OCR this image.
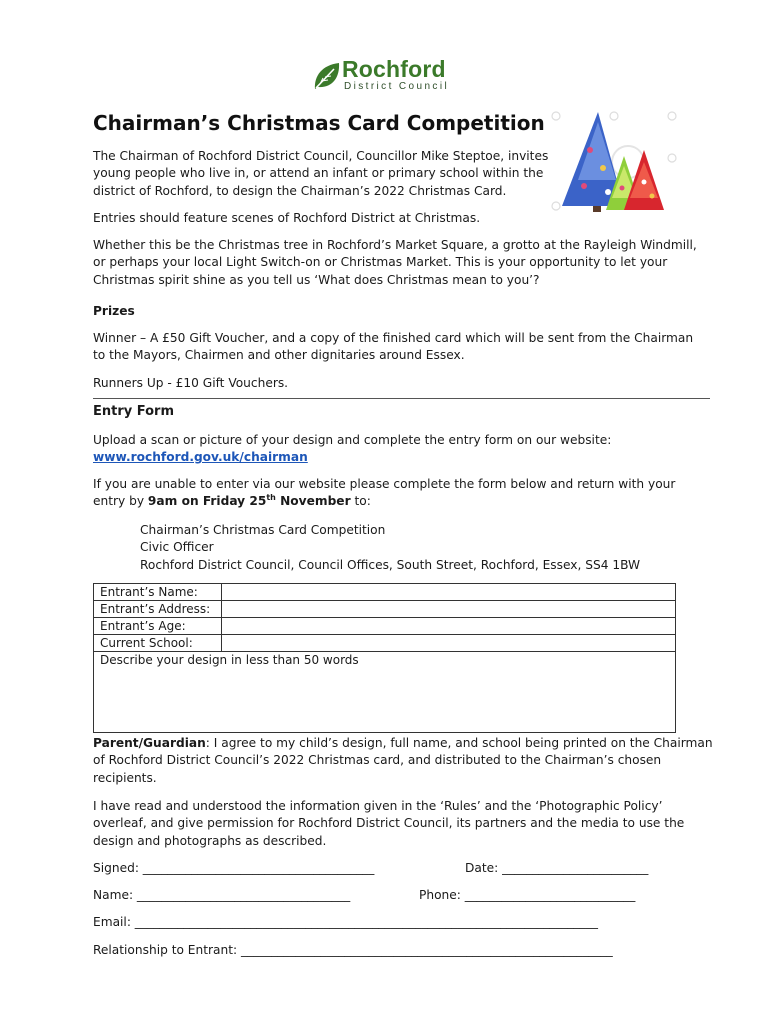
Rochford
District Council
Chairman’s Christmas Card Competition
The Chairman of Rochford District Council, Councillor Mike Steptoe, invites
young people who live in, or attend an infant or primary school within the
district of Rochford, to design the Chairman’s 2022 Christmas Card.
Entries should feature scenes of Rochford District at Christmas.
Whether this be the Christmas tree in Rochford’s Market Square, a grotto at the Rayleigh Windmill,
or perhaps your local Light Switch-on or Christmas Market. This is your opportunity to let your
Christmas spirit shine as you tell us ‘What does Christmas mean to you’?
Prizes
Winner – A £50 Gift Voucher, and a copy of the finished card which will be sent from the Chairman
to the Mayors, Chairmen and other dignitaries around Essex.
Runners Up - £10 Gift Vouchers.
Entry Form
Upload a scan or picture of your design and complete the entry form on our website:
www.rochford.gov.uk/chairman
If you are unable to enter via our website please complete the form below and return with your
entry by 9am on Friday 25th November to:
Chairman’s Christmas Card Competition
Civic Officer
Rochford District Council, Council Offices, South Street, Rochford, Essex, SS4 1BW
Entrant’s Name:	
Entrant’s Address:	
Entrant’s Age:	
Current School:	
Describe your design in less than 50 words	
Parent/Guardian: I agree to my child’s design, full name, and school being printed on the Chairman
of Rochford District Council’s 2022 Christmas card, and distributed to the Chairman’s chosen
recipients.
I have read and understood the information given in the ‘Rules’ and the ‘Photographic Policy’
overleaf, and give permission for Rochford District Council, its partners and the media to use the
design and photographs as described.
Signed: ______________________________________	Date: ________________________
Name: ___________________________________	Phone: ____________________________
Email: ____________________________________________________________________________
Relationship to Entrant: _____________________________________________________________
